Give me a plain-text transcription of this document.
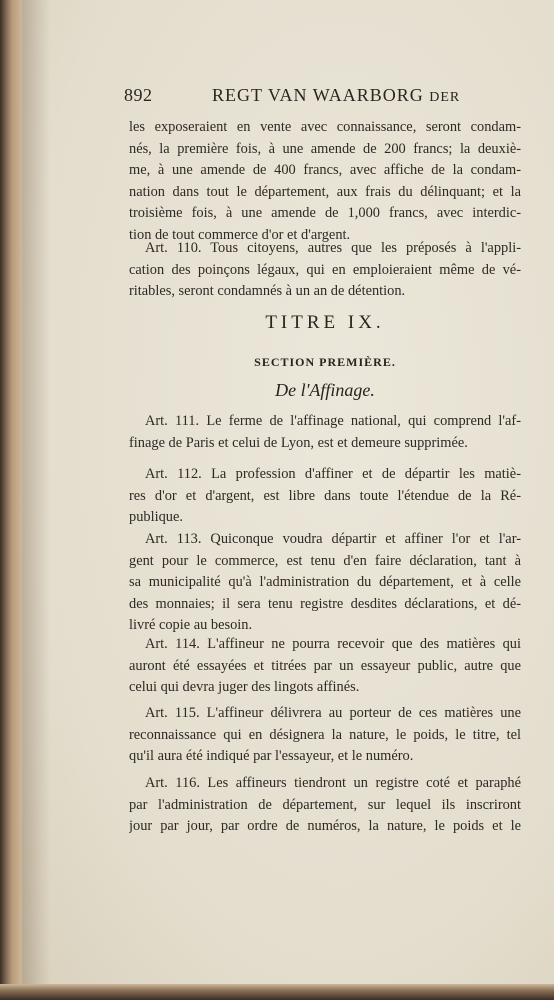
892	REGT VAN WAARBORG DER
les exposeraient en vente avec connaissance, seront condam-
nés, la première fois, à une amende de 200 francs; la deuxiè-
me, à une amende de 400 francs, avec affiche de la condam-
nation dans tout le département, aux frais du délinquant; et la
troisième fois, à une amende de 1,000 francs, avec interdic-
tion de tout commerce d'or et d'argent.
Art. 110. Tous citoyens, autres que les préposés à l'appli-
cation des poinçons légaux, qui en emploieraient même de vé-
ritables, seront condamnés à un an de détention.
TITRE IX.
SECTION PREMIÈRE.
De l'Affinage.
Art. 111. Le ferme de l'affinage national, qui comprend l'af-
finage de Paris et celui de Lyon, est et demeure supprimée.
Art. 112. La profession d'affiner et de départir les matiè-
res d'or et d'argent, est libre dans toute l'étendue de la Ré-
publique.
Art. 113. Quiconque voudra départir et affiner l'or et l'ar-
gent pour le commerce, est tenu d'en faire déclaration, tant à
sa municipalité qu'à l'administration du département, et à celle
des monnaies; il sera tenu registre desdites déclarations, et dé-
livré copie au besoin.
Art. 114. L'affineur ne pourra recevoir que des matières qui
auront été essayées et titrées par un essayeur public, autre que
celui qui devra juger des lingots affinés.
Art. 115. L'affineur délivrera au porteur de ces matières une
reconnaissance qui en désignera la nature, le poids, le titre, tel
qu'il aura été indiqué par l'essayeur, et le numéro.
Art. 116. Les affineurs tiendront un registre coté et paraphé
par l'administration de département, sur lequel ils inscriront
jour par jour, par ordre de numéros, la nature, le poids et le
